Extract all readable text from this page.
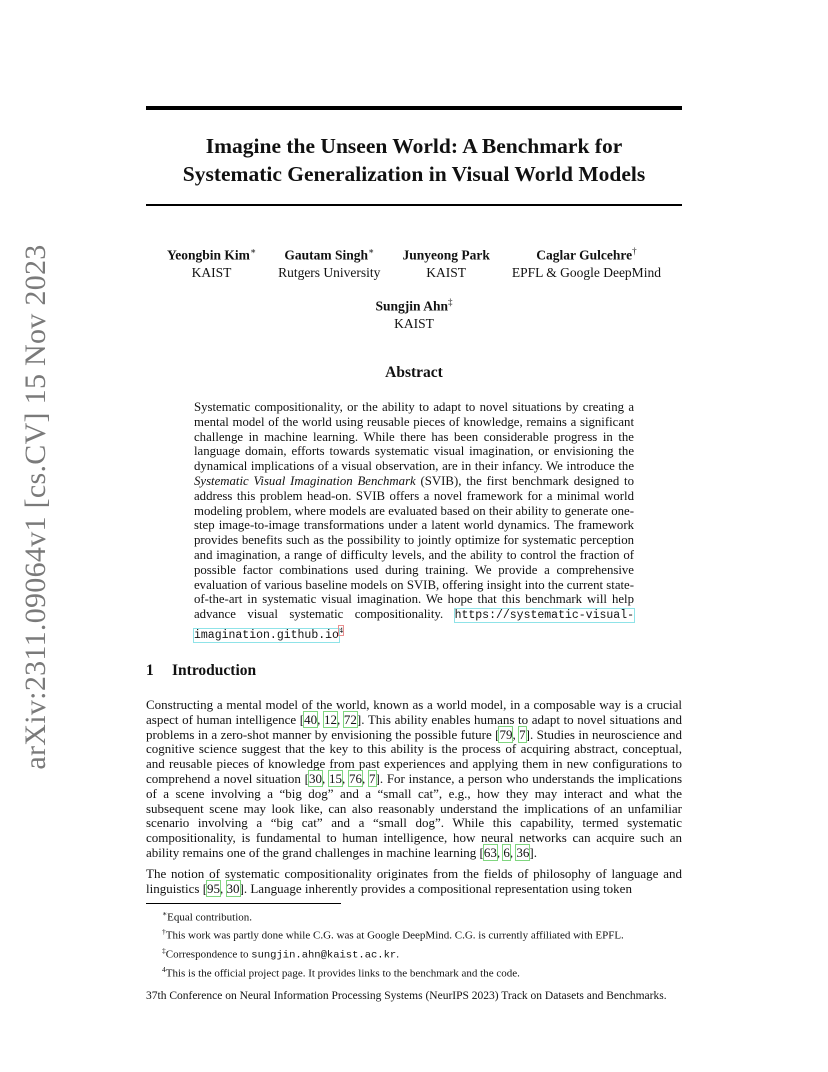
arXiv:2311.09064v1 [cs.CV] 15 Nov 2023
Imagine the Unseen World: A Benchmark for
Systematic Generalization in Visual World Models
Yeongbin Kim∗
KAIST
Gautam Singh∗
Rutgers University
Junyeong Park
KAIST
Caglar Gulcehre†
EPFL & Google DeepMind
Sungjin Ahn‡
KAIST
Abstract
Systematic compositionality, or the ability to adapt to novel situations by creating a mental model of the world using reusable pieces of knowledge, remains a significant challenge in machine learning. While there has been considerable progress in the language domain, efforts towards systematic visual imagination, or envisioning the dynamical implications of a visual observation, are in their infancy. We introduce the Systematic Visual Imagination Benchmark (SVIB), the first benchmark designed to address this problem head-on. SVIB offers a novel framework for a minimal world modeling problem, where models are evaluated based on their ability to generate one-step image-to-image transformations under a latent world dynamics. The framework provides benefits such as the possibility to jointly optimize for systematic perception and imagination, a range of difficulty levels, and the ability to control the fraction of possible factor combinations used during training. We provide a comprehensive evaluation of various baseline models on SVIB, offering insight into the current state-of-the-art in systematic visual imagination. We hope that this benchmark will help advance visual systematic compositionality. https://systematic-visual-imagination.github.io$^4$
1 Introduction
Constructing a mental model of the world, known as a world model, in a composable way is a crucial aspect of human intelligence [40, 12, 72]. This ability enables humans to adapt to novel situations and problems in a zero-shot manner by envisioning the possible future [79, 7]. Studies in neuroscience and cognitive science suggest that the key to this ability is the process of acquiring abstract, conceptual, and reusable pieces of knowledge from past experiences and applying them in new configurations to comprehend a novel situation [30, 15, 76, 7]. For instance, a person who understands the implications of a scene involving a “big dog” and a “small cat”, e.g., how they may interact and what the subsequent scene may look like, can also reasonably understand the implications of an unfamiliar scenario involving a “big cat” and a “small dog”. While this capability, termed systematic compositionality, is fundamental to human intelligence, how neural networks can acquire such an ability remains one of the grand challenges in machine learning [63, 6, 36].
The notion of systematic compositionality originates from the fields of philosophy of language and linguistics [95, 30]. Language inherently provides a compositional representation using token
∗Equal contribution.
†This work was partly done while C.G. was at Google DeepMind. C.G. is currently affiliated with EPFL.
‡Correspondence to sungjin.ahn@kaist.ac.kr.
$^4$This is the official project page. It provides links to the benchmark and the code.
37th Conference on Neural Information Processing Systems (NeurIPS 2023) Track on Datasets and Benchmarks.
